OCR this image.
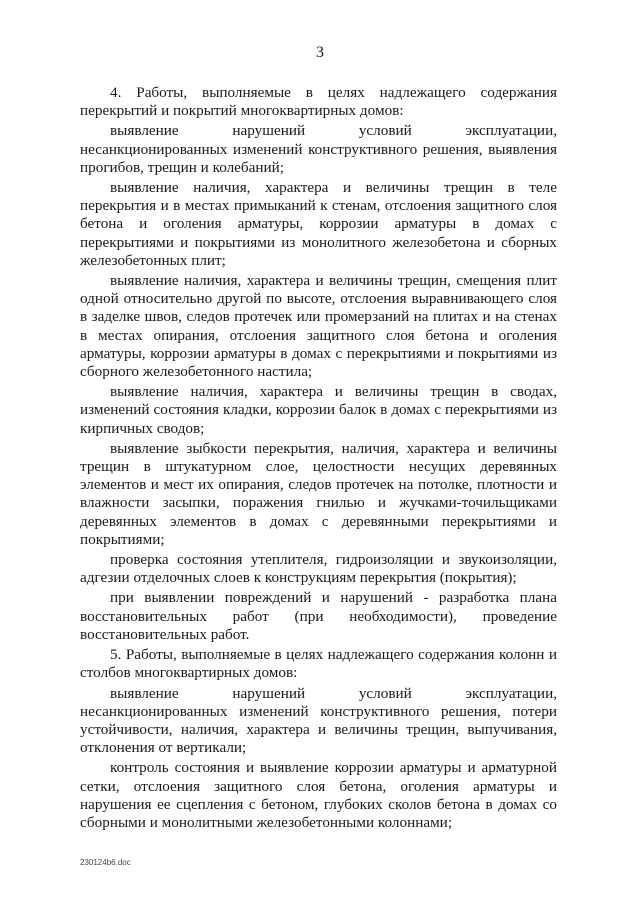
3

4. Работы, выполняемые в целях надлежащего содержания перекрытий и покрытий многоквартирных домов:

выявление нарушений условий эксплуатации, несанкционированных изменений конструктивного решения, выявления прогибов, трещин и колебаний;

выявление наличия, характера и величины трещин в теле перекрытия и в местах примыканий к стенам, отслоения защитного слоя бетона и оголения арматуры, коррозии арматуры в домах с перекрытиями и покрытиями из монолитного железобетона и сборных железобетонных плит;

выявление наличия, характера и величины трещин, смещения плит одной относительно другой по высоте, отслоения выравнивающего слоя в заделке швов, следов протечек или промерзаний на плитах и на стенах в местах опирания, отслоения защитного слоя бетона и оголения арматуры, коррозии арматуры в домах с перекрытиями и покрытиями из сборного железобетонного настила;

выявление наличия, характера и величины трещин в сводах, изменений состояния кладки, коррозии балок в домах с перекрытиями из кирпичных сводов;

выявление зыбкости перекрытия, наличия, характера и величины трещин в штукатурном слое, целостности несущих деревянных элементов и мест их опирания, следов протечек на потолке, плотности и влажности засыпки, поражения гнилью и жучками-точильщиками деревянных элементов в домах с деревянными перекрытиями и покрытиями;

проверка состояния утеплителя, гидроизоляции и звукоизоляции, адгезии отделочных слоев к конструкциям перекрытия (покрытия);

при выявлении повреждений и нарушений - разработка плана восстановительных работ (при необходимости), проведение восстановительных работ.

5. Работы, выполняемые в целях надлежащего содержания колонн и столбов многоквартирных домов:

выявление нарушений условий эксплуатации, несанкционированных изменений конструктивного решения, потери устойчивости, наличия, характера и величины трещин, выпучивания, отклонения от вертикали;

контроль состояния и выявление коррозии арматуры и арматурной сетки, отслоения защитного слоя бетона, оголения арматуры и нарушения ее сцепления с бетоном, глубоких сколов бетона в домах со сборными и монолитными железобетонными колоннами;

230124b6.doc
